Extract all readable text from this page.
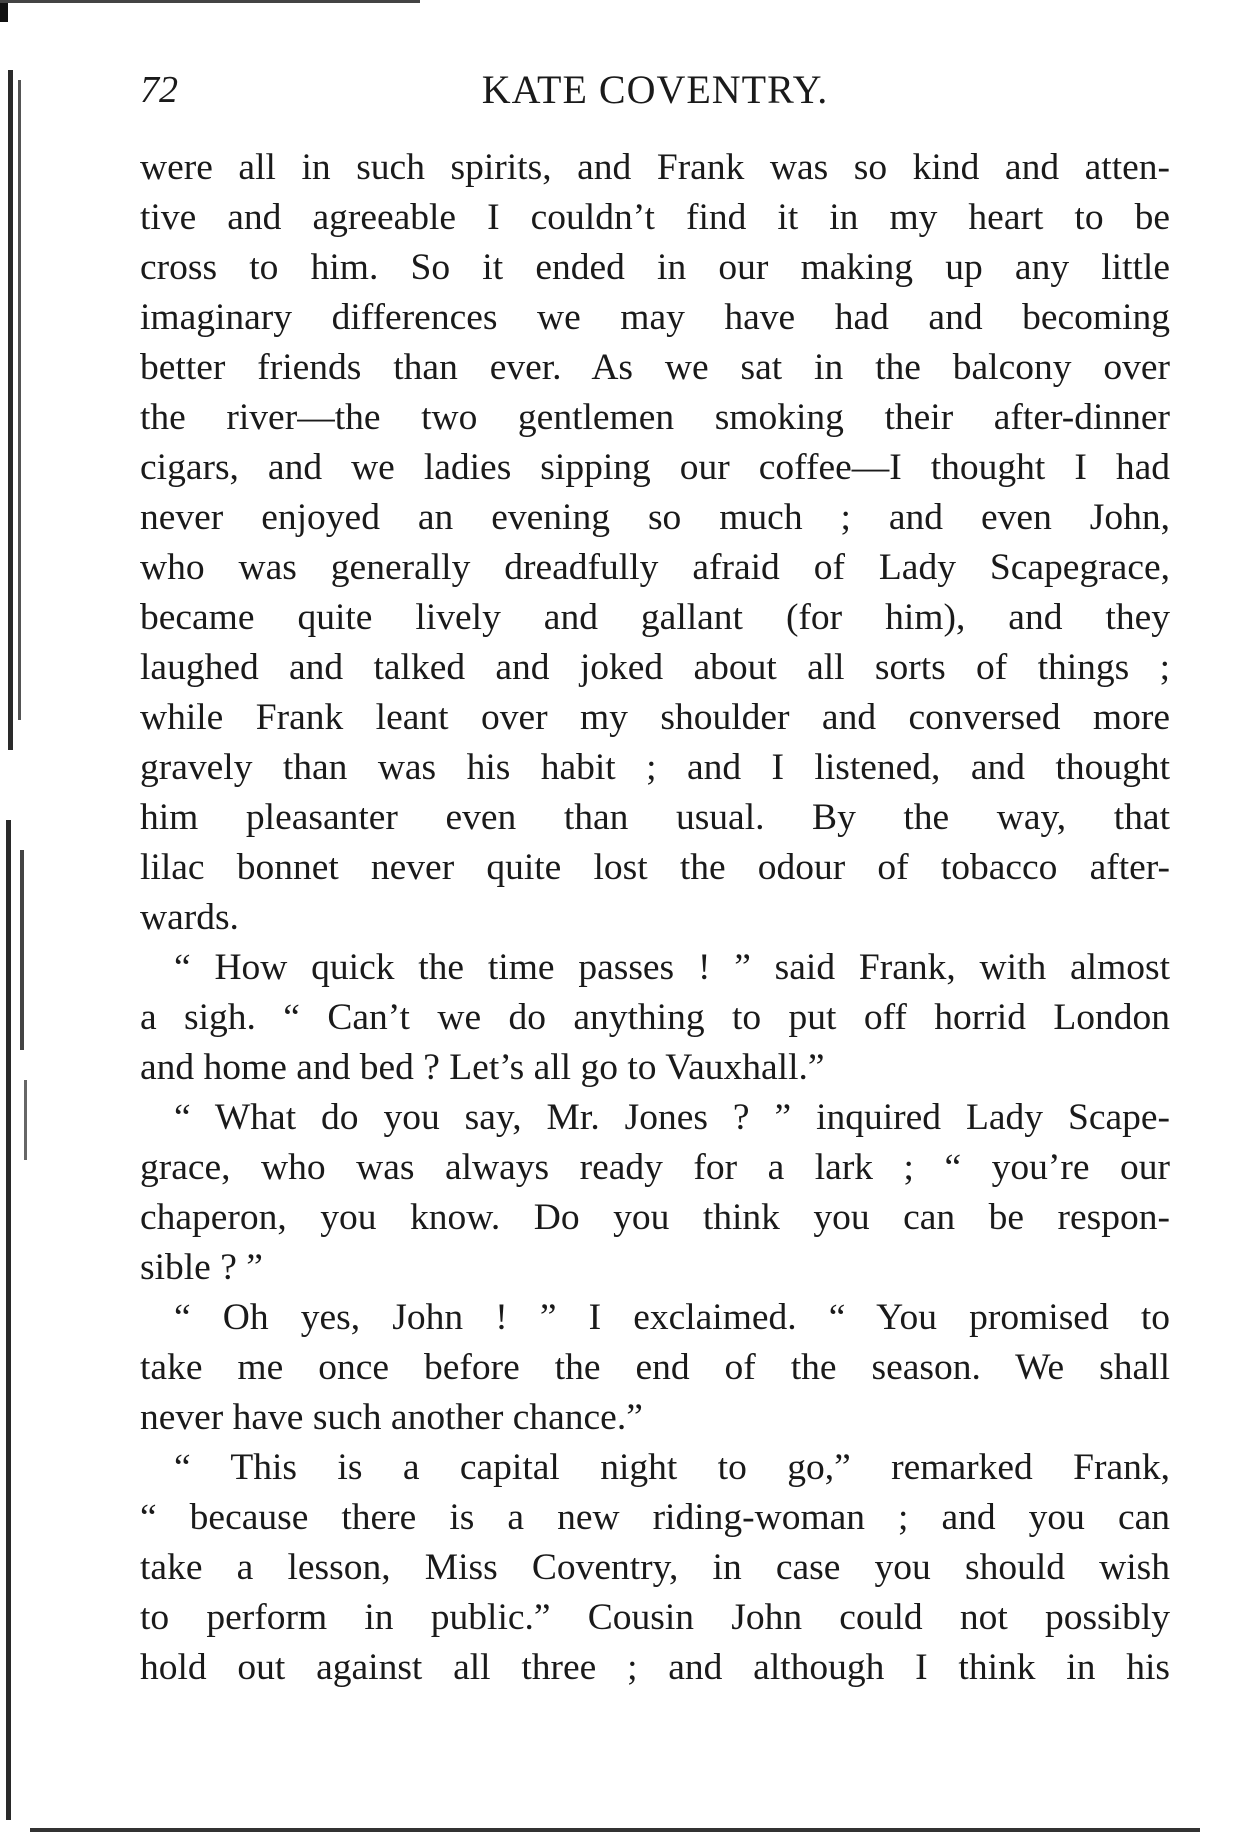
72	KATE COVENTRY.

were all in such spirits, and Frank was so kind and atten-
tive and agreeable I couldn’t find it in my heart to be
cross to him. So it ended in our making up any little
imaginary differences we may have had and becoming
better friends than ever. As we sat in the balcony over
the river—the two gentlemen smoking their after-dinner
cigars, and we ladies sipping our coffee—I thought I had
never enjoyed an evening so much ; and even John,
who was generally dreadfully afraid of Lady Scapegrace,
became quite lively and gallant (for him), and they
laughed and talked and joked about all sorts of things ;
while Frank leant over my shoulder and conversed more
gravely than was his habit ; and I listened, and thought
him pleasanter even than usual. By the way, that
lilac bonnet never quite lost the odour of tobacco after-
wards.

“ How quick the time passes ! ” said Frank, with almost
a sigh. “ Can’t we do anything to put off horrid London
and home and bed ? Let’s all go to Vauxhall.”

“ What do you say, Mr. Jones ? ” inquired Lady Scape-
grace, who was always ready for a lark ; “ you’re our
chaperon, you know. Do you think you can be respon-
sible ? ”

“ Oh yes, John ! ” I exclaimed. “ You promised to
take me once before the end of the season. We shall
never have such another chance.”

“ This is a capital night to go,” remarked Frank,
“ because there is a new riding-woman ; and you can
take a lesson, Miss Coventry, in case you should wish
to perform in public.” Cousin John could not possibly
hold out against all three ; and although I think in his
